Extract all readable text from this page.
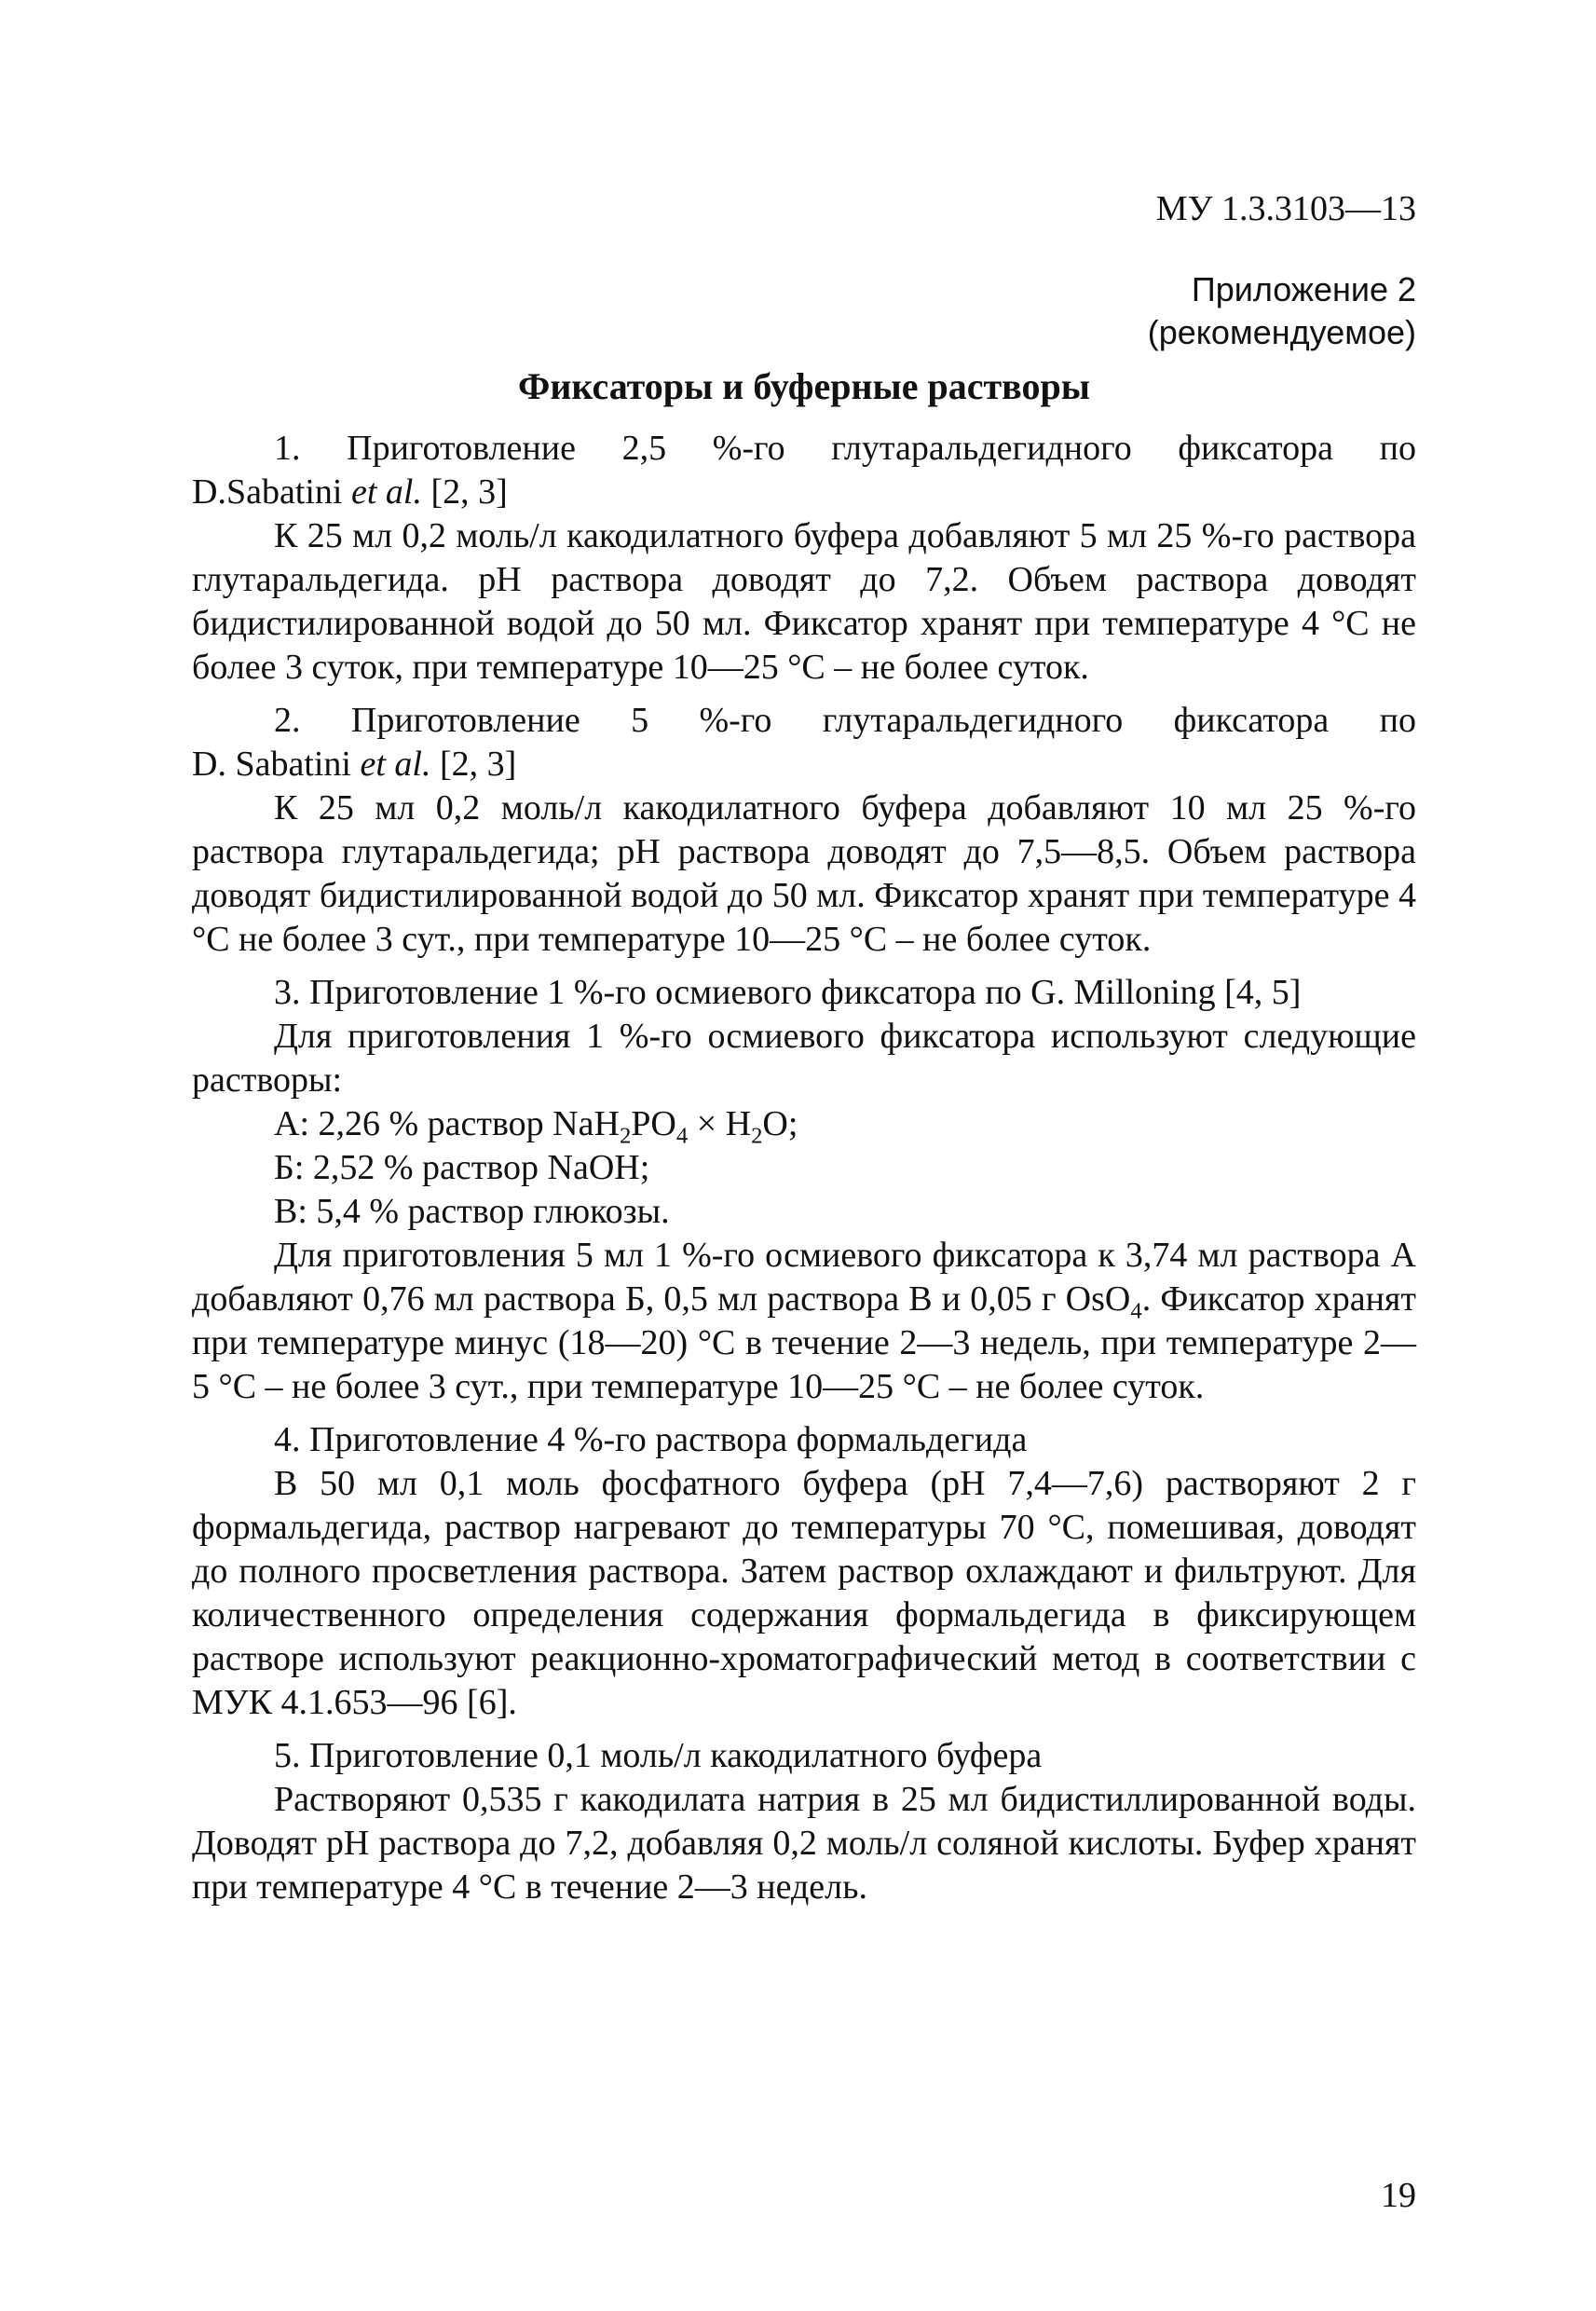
МУ 1.3.3103—13

Приложение 2

(рекомендуемое)

Фиксаторы и буферные растворы

1. Приготовление 2,5 %-го глутаральдегидного фиксатора по

D.Sabatini et al. [2, 3]

К 25 мл 0,2 моль/л какодилатного буфера добавляют 5 мл 25 %-го раствора глутаральдегида. pH раствора доводят до 7,2. Объем раствора доводят бидистилированной водой до 50 мл. Фиксатор хранят при температуре 4 °С не более 3 суток, при температуре 10—25 °С – не более суток.

2. Приготовление 5 %-го глутаральдегидного фиксатора по

D. Sabatini et al. [2, 3]

К 25 мл 0,2 моль/л какодилатного буфера добавляют 10 мл 25 %-го раствора глутаральдегида; pH раствора доводят до 7,5—8,5. Объем раствора доводят бидистилированной водой до 50 мл. Фиксатор хранят при температуре 4 °С не более 3 сут., при температуре 10—25 °С – не более суток.

3. Приготовление 1 %-го осмиевого фиксатора по G. Milloning [4, 5]

Для приготовления 1 %-го осмиевого фиксатора используют следующие растворы:

А: 2,26 % раствор $NaH_2PO_4 \times H_2O$;

Б: 2,52 % раствор NaOH;

В: 5,4 % раствор глюкозы.

Для приготовления 5 мл 1 %-го осмиевого фиксатора к 3,74 мл раствора А добавляют 0,76 мл раствора Б, 0,5 мл раствора В и 0,05 г OsO$_4$. Фиксатор хранят при температуре минус (18—20) °С в течение 2—3 недель, при температуре 2—5 °С – не более 3 сут., при температуре 10—25 °С – не более суток.

4. Приготовление 4 %-го раствора формальдегида

В 50 мл 0,1 моль фосфатного буфера (pH 7,4—7,6) растворяют 2 г формальдегида, раствор нагревают до температуры 70 °С, помешивая, доводят до полного просветления раствора. Затем раствор охлаждают и фильтруют. Для количественного определения содержания формальдегида в фиксирующем растворе используют реакционно-хроматографический метод в соответствии с МУК 4.1.653—96 [6].

5. Приготовление 0,1 моль/л какодилатного буфера

Растворяют 0,535 г какодилата натрия в 25 мл бидистиллированной воды. Доводят pH раствора до 7,2, добавляя 0,2 моль/л соляной кислоты. Буфер хранят при температуре 4 °С в течение 2—3 недель.

19
